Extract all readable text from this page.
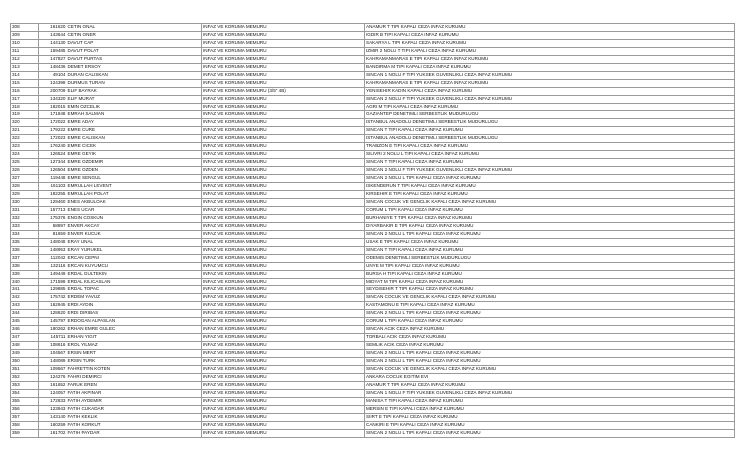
308	161620	CETIN ONAL	INFAZ VE KORUMA MEMURU	ANAMUR T TIPI KAPALI CEZA INFAZ KURUMU
309	143644	CETIN ONER	INFAZ VE KORUMA MEMURU	IGDIR B TIPI KAPALI CEZA INFAZ KURUMU
310	144130	DAVUT CAP	INFAZ VE KORUMA MEMURU	SAKARYA L TIPI KAPALI CEZA INFAZ KURUMU
311	159485	DAVUT POLAT	INFAZ VE KORUMA MEMURU	IZMIR 2 NOLU T TIPI KAPALI CEZA INFAZ KURUMU
312	147827	DAVUT PURTAS	INFAZ VE KORUMA MEMURU	KAHRAMANMARAS E TIPI KAPALI CEZA INFAZ KURUMU
313	148436	DEMET ERSOY	INFAZ VE KORUMA MEMURU	BANDIRMA M TIPI KAPALI CEZA INFAZ KURUMU
314	49104	DURAN CALISKAN	INFAZ VE KORUMA MEMURU	SINCAN 1 NOLU F TIPI YUKSEK GUVENLIKLI CEZA INFAZ KURUMU
315	124398	DURMUS TURAN	INFAZ VE KORUMA MEMURU	KAHRAMANMARAS E TIPI KAPALI CEZA INFAZ KURUMU
316	200709	ELIF BAYRAK	INFAZ VE KORUMA MEMURU (3/5" 4B)	YENISEHIR KADIN KAPALI CEZA INFAZ KURUMU
317	134320	ELIF MURAT	INFAZ VE KORUMA MEMURU	SINCAN 2 NOLU F TIPI YUKSEK GUVENLIKLI CEZA INFAZ KURUMU
318	182015	EMIN OZCELIK	INFAZ VE KORUMA MEMURU	AGRI M TIPI KAPALI CEZA INFAZ KURUMU
319	171848	EMRAH SALMAN	INFAZ VE KORUMA MEMURU	GAZIANTEP DENETIMLI SERBESTLIK MUDURLUGU
320	172022	EMRE ADAY	INFAZ VE KORUMA MEMURU	ISTANBUL ANADOLU DENETIMLI SERBESTLIK MUDURLUGU
321	179222	EMRE CURE	INFAZ VE KORUMA MEMURU	SINCAN T TIPI KAPALI CEZA INFAZ KURUMU
322	172023	EMRE CALISKAN	INFAZ VE KORUMA MEMURU	ISTANBUL ANADOLU DENETIMLI SERBESTLIK MUDURLUGU
323	176240	EMRE CICEK	INFAZ VE KORUMA MEMURU	TRABZON E TIPI KAPALI CEZA INFAZ KURUMU
324	126524	EMRE GEYIK	INFAZ VE KORUMA MEMURU	SILIVRI 2 NOLU L TIPI KAPALI CEZA INFAZ KURUMU
325	127344	EMRE OZDEMIR	INFAZ VE KORUMA MEMURU	SINCAN T TIPI KAPALI CEZA INFAZ KURUMU
326	126504	EMRE OZDEN	INFAZ VE KORUMA MEMURU	SINCAN 2 NOLU F TIPI YUKSEK GUVENLIKLI CEZA INFAZ KURUMU
327	119448	EMRE SENGUL	INFAZ VE KORUMA MEMURU	SINCAN 2 NOLU L TIPI KAPALI CEZA INFAZ KURUMU
328	161103	EMRULLAH LEVENT	INFAZ VE KORUMA MEMURU	ISKENDERUN T TIPI KAPALI CEZA INFAZ KURUMU
329	182255	EMRULLAH POLAT	INFAZ VE KORUMA MEMURU	KIRSEHIR E TIPI KAPALI CEZA INFAZ KURUMU
330	129460	ENES AKBULOAK	INFAZ VE KORUMA MEMURU	SINCAN COCUK VE GENCLIK KAPALI CEZA INFAZ KURUMU
331	157713	ENES UCAR	INFAZ VE KORUMA MEMURU	CORUM L TIPI KAPALI CEZA INFAZ KURUMU
332	175376	ENGIN COSKUN	INFAZ VE KORUMA MEMURU	BURHANIYE T TIPI KAPALI CEZA INFAZ KURUMU
333	58897	ENVER AKCAY	INFAZ VE KORUMA MEMURU	DIYARBAKIR E TIPI KAPALI CEZA INFAZ KURUMU
334	81659	ENVER KUCUK	INFAZ VE KORUMA MEMURU	SINCAN 2 NOLU L TIPI KAPALI CEZA INFAZ KURUMU
335	148048	ERAY UNAL	INFAZ VE KORUMA MEMURU	USAK E TIPI KAPALI CEZA INFAZ KURUMU
336	148953	ERAY YURUKEL	INFAZ VE KORUMA MEMURU	SINCAN T TIPI KAPALI CEZA INFAZ KURUMU
337	112042	ERCAN CEPNI	INFAZ VE KORUMA MEMURU	ODEMIS DENETIMLI SERBESTLIK MUDURLUGU
338	132116	ERCAN KUYUMCU	INFAZ VE KORUMA MEMURU	UNYE M TIPI KAPALI CEZA INFAZ KURUMU
339	149449	ERDAL GULTEKIN	INFAZ VE KORUMA MEMURU	BURSA H TIPI KAPALI CEZA INFAZ KURUMU
340	171598	ERDAL KILICASLAN	INFAZ VE KORUMA MEMURU	MIDYAT M TIPI KAPALI CEZA INFAZ KURUMU
341	129885	ERDAL TOPAC	INFAZ VE KORUMA MEMURU	SEYDISEHIR T TIPI KAPALI CEZA INFAZ KURUMU
342	175742	ERDEM YAVUZ	INFAZ VE KORUMA MEMURU	SINCAN COCUK VE GENCLIK KAPALI CEZA INFAZ KURUMU
343	162945	ERDI AYDIN	INFAZ VE KORUMA MEMURU	KASTAMONU E TIPI KAPALI CEZA INFAZ KURUMU
344	128620	ERDI DIRIBAS	INFAZ VE KORUMA MEMURU	SINCAN 2 NOLU L TIPI KAPALI CEZA INFAZ KURUMU
345	145797	ERDOGAN ALPASLAN	INFAZ VE KORUMA MEMURU	CORUM L TIPI KAPALI CEZA INFAZ KURUMU
346	180262	ERHAN EMRE GULEC	INFAZ VE KORUMA MEMURU	SINCAN ACIK CEZA INFAZ KURUMU
347	145711	ERHAN YIGIT	INFAZ VE KORUMA MEMURU	TORBALI ACIK CEZA INFAZ KURUMU
348	108616	EROL YILMAZ	INFAZ VE KORUMA MEMURU	SEMLIK ACIK CEZA INFAZ KURUMU
349	104567	ERSIN MERT	INFAZ VE KORUMA MEMURU	SINCAN 2 NOLU L TIPI KAPALI CEZA INFAZ KURUMU
350	148089	ERSIN TURK	INFAZ VE KORUMA MEMURU	SINCAN 2 NOLU L TIPI KAPALI CEZA INFAZ KURUMU
351	109567	FAHRETTIN KOTEN	INFAZ VE KORUMA MEMURU	SINCAN COCUK VE GENCLIK KAPALI CEZA INFAZ KURUMU
352	124276	FAHRI DEMIRCI	INFAZ VE KORUMA MEMURU	ANKARA COCUK EGITIM EVI
353	161652	FARUK EREN	INFAZ VE KORUMA MEMURU	ANAMUR T TIPI KAPALI CEZA INFAZ KURUMU
354	124057	FATIH AKPINAR	INFAZ VE KORUMA MEMURU	SINCAN 1 NOLU F TIPI YUKSEK GUVENLIKLI CEZA INFAZ KURUMU
355	172833	FATIH AYDEMIR	INFAZ VE KORUMA MEMURU	MANISA T TIPI KAPALI CEZA INFAZ KURUMU
356	123943	FATIH CUKADAR	INFAZ VE KORUMA MEMURU	MERSIN E TIPI KAPALI CEZA INFAZ KURUMU
357	143140	FATIH KEKLIK	INFAZ VE KORUMA MEMURU	SIIRT E TIPI KAPALI CEZA INFAZ KURUMU
358	160259	FATIH KORKUT	INFAZ VE KORUMA MEMURU	CANKIRI E TIPI KAPALI CEZA INFAZ KURUMU
359	161702	FATIH PAYDAR	INFAZ VE KORUMA MEMURU	SINCAN 2 NOLU L TIPI KAPALI CEZA INFAZ KURUMU
